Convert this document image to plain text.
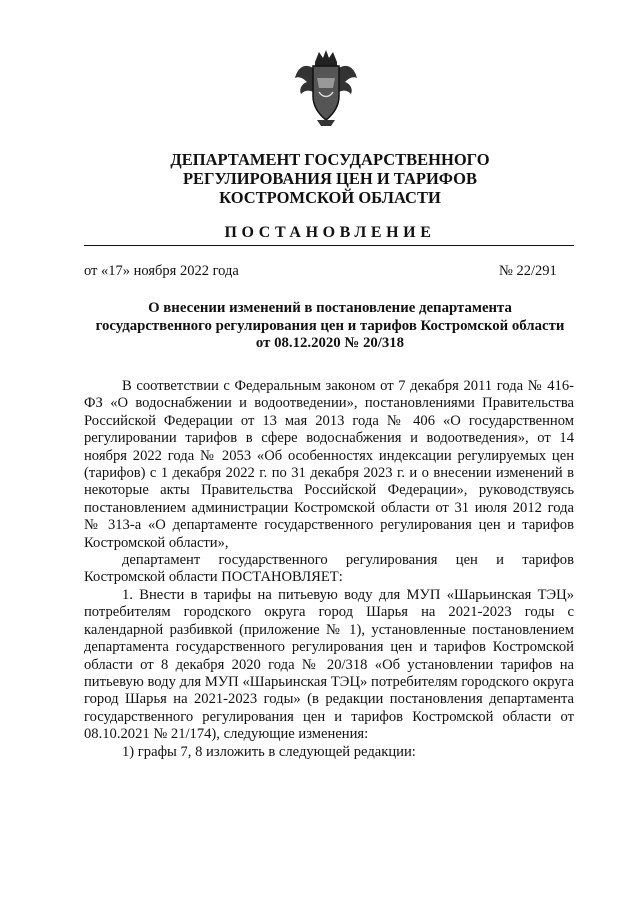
ДЕПАРТАМЕНТ ГОСУДАРСТВЕННОГО
РЕГУЛИРОВАНИЯ ЦЕН И ТАРИФОВ
КОСТРОМСКОЙ ОБЛАСТИ
ПОСТАНОВЛЕНИЕ
от «17» ноября 2022 года	№ 22/291
О внесении изменений в постановление департамента
государственного регулирования цен и тарифов Костромской области
от 08.12.2020 № 20/318

В соответствии с Федеральным законом от 7 декабря 2011 года № 416-ФЗ «О водоснабжении и водоотведении», постановлениями Правительства Российской Федерации от 13 мая 2013 года № 406 «О государственном регулировании тарифов в сфере водоснабжения и водоотведения», от 14 ноября 2022 года № 2053 «Об особенностях индексации регулируемых цен (тарифов) с 1 декабря 2022 г. по 31 декабря 2023 г. и о внесении изменений в некоторые акты Правительства Российской Федерации», руководствуясь постановлением администрации Костромской области от 31 июля 2012 года № 313-а «О департаменте государственного регулирования цен и тарифов Костромской области»,

департамент государственного регулирования цен и тарифов Костромской области ПОСТАНОВЛЯЕТ:

1. Внести в тарифы на питьевую воду для МУП «Шарьинская ТЭЦ» потребителям городского округа город Шарья на 2021-2023 годы с календарной разбивкой (приложение № 1), установленные постановлением департамента государственного регулирования цен и тарифов Костромской области от 8 декабря 2020 года № 20/318 «Об установлении тарифов на питьевую воду для МУП «Шарьинская ТЭЦ» потребителям городского округа город Шарья на 2021-2023 годы» (в редакции постановления департамента государственного регулирования цен и тарифов Костромской области от 08.10.2021 № 21/174), следующие изменения:

1) графы 7, 8 изложить в следующей редакции:
